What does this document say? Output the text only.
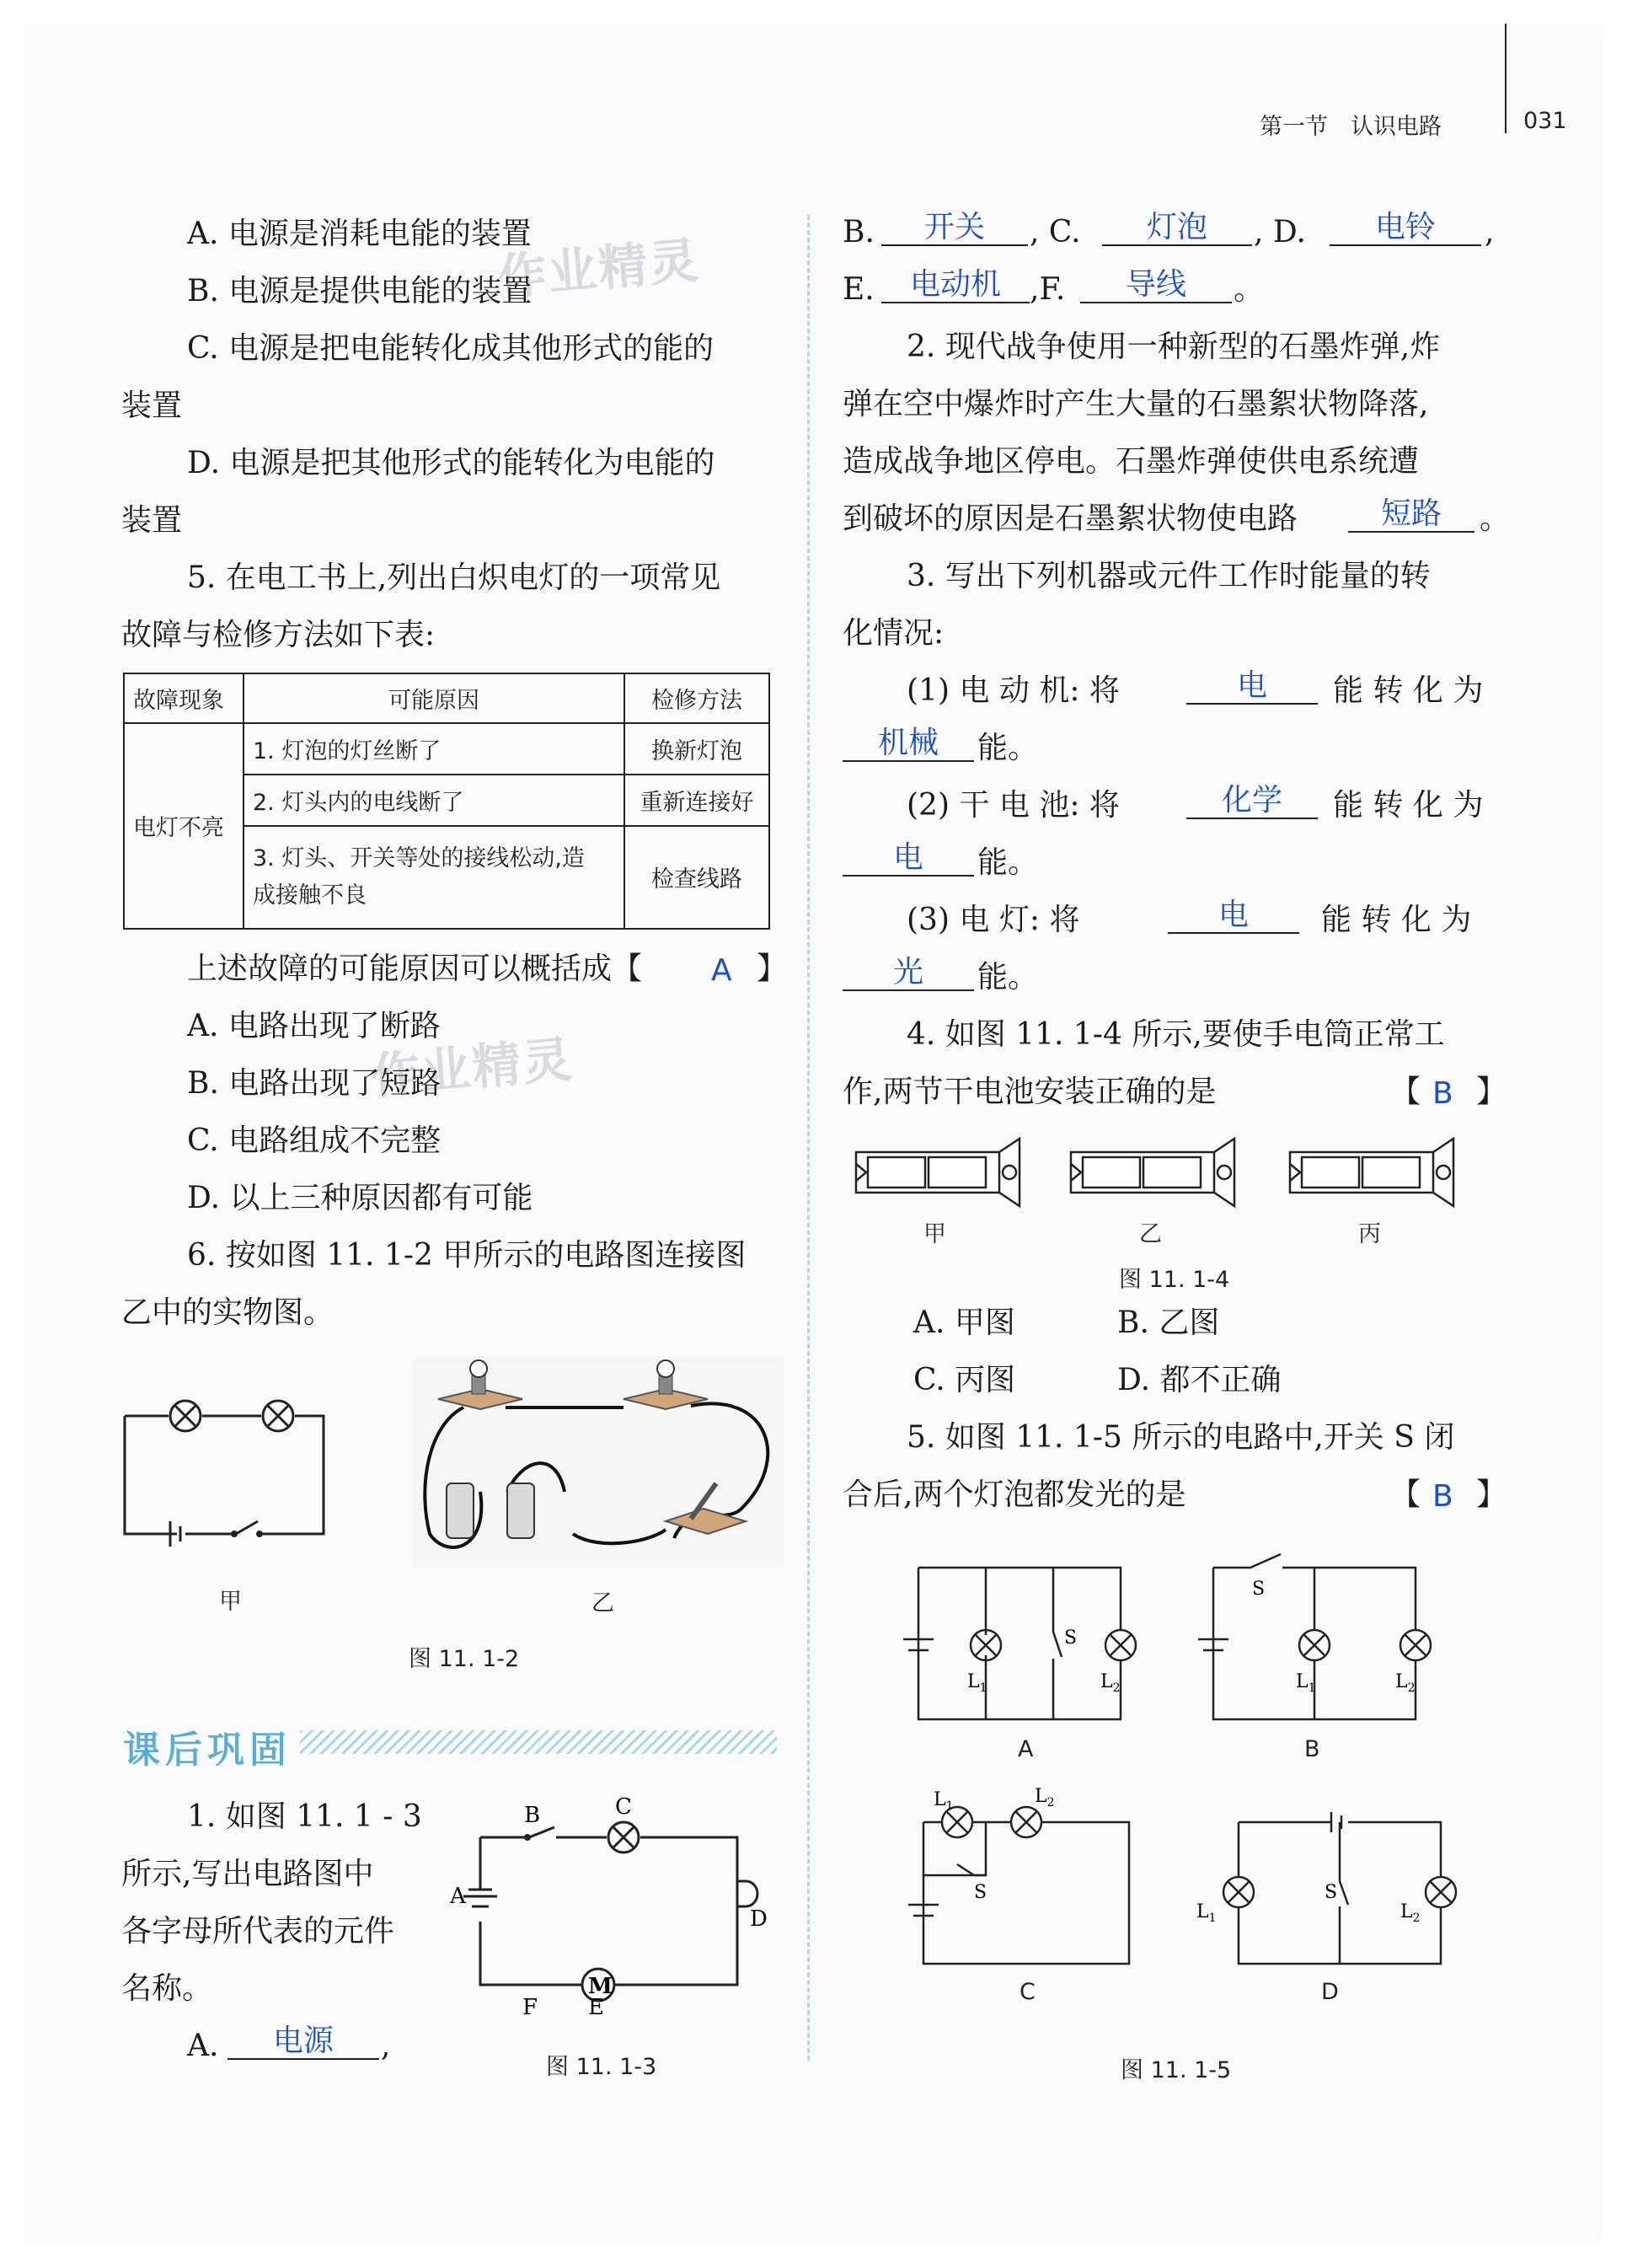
第一节　认识电路	031
作业精灵
作业精灵
A. 电源是消耗电能的装置
B. 电源是提供电能的装置
C. 电源是把电能转化成其他形式的能的
装置
D. 电源是把其他形式的能转化为电能的
装置
5. 在电工书上,列出白炽电灯的一项常见
故障与检修方法如下表:
故障现象	可能原因	检修方法
电灯不亮	1. 灯泡的灯丝断了	换新灯泡
	2. 灯头内的电线断了	重新连接好
	3. 灯头、开关等处的接线松动,造
成接触不良	检查线路
上述故障的可能原因可以概括成【 A 】
A. 电路出现了断路
B. 电路出现了短路
C. 电路组成不完整
D. 以上三种原因都有可能
6. 按如图 11. 1-2 甲所示的电路图连接图
乙中的实物图。
甲	乙
图 11. 1-2
课后巩固
1. 如图 11. 1 - 3
所示,写出电路图中
各字母所代表的元件
名称。
A.	电源	,
A
B	C
D
E
F
M
图 11. 1-3
B.	开关	, C.	灯泡	, D.	电铃	,
E.	电动机 ,F.	导线	。
2. 现代战争使用一种新型的石墨炸弹,炸
弹在空中爆炸时产生大量的石墨絮状物降落,
造成战争地区停电。石墨炸弹使供电系统遭
到破坏的原因是石墨絮状物使电路	短路	。
3. 写出下列机器或元件工作时能量的转
化情况:
(1) 电 动 机: 将	电	能 转 化 为
机械	能。
(2) 干 电 池: 将	化学	能 转 化 为
电	能。
(3) 电 灯: 将	电	能 转 化 为
光	能。
4. 如图 11. 1-4 所示,要使手电筒正常工
作,两节干电池安装正确的是	【 B 】
甲	乙	丙
图 11. 1-4
A. 甲图	B. 乙图
C. 丙图	D. 都不正确
5. 如图 11. 1-5 所示的电路中,开关 S 闭
合后,两个灯泡都发光的是	【 B 】
S
$L_1$	$L_2$
S
$L_1$	$L_2$
$L_1$	$L_2$
S	S
$L_1$	$L_2$
A	B
C	D
图 11. 1-5
